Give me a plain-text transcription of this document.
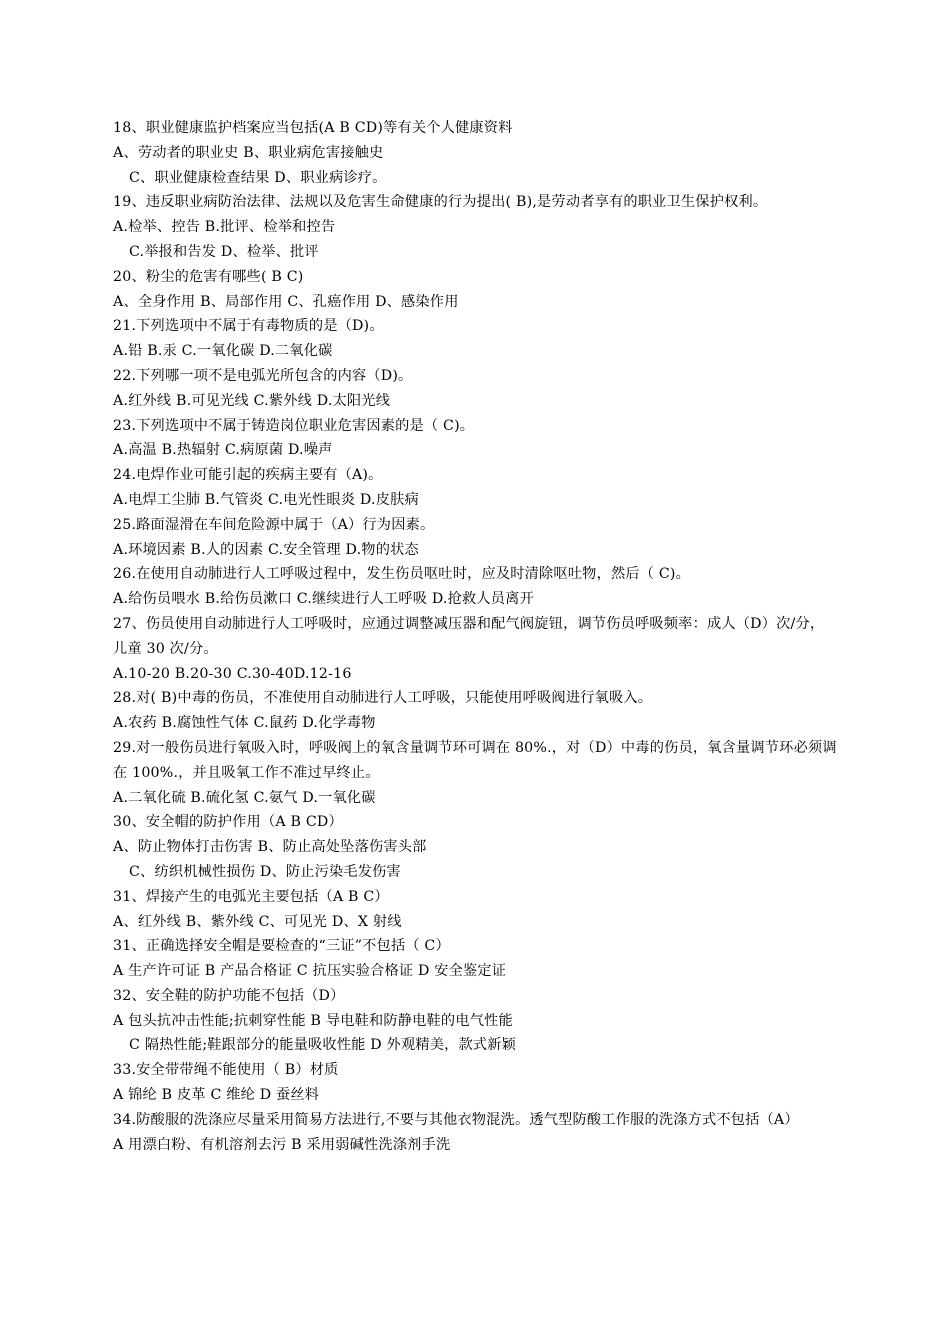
18、职业健康监护档案应当包括(A B CD)等有关个人健康资料
A、劳动者的职业史 B、职业病危害接触史
C、职业健康检查结果 D、职业病诊疗。
19、违反职业病防治法律、法规以及危害生命健康的行为提出( B),是劳动者享有的职业卫生保护权利。
A.检举、控告 B.批评、检举和控告
C.举报和告发 D、检举、批评
20、粉尘的危害有哪些( B C)
A、全身作用 B、局部作用 C、孔癌作用 D、感染作用
21.下列选项中不属于有毒物质的是（D)。
A.铅 B.汞 C.一氧化碳 D.二氧化碳
22.下列哪一项不是电弧光所包含的内容（D)。
A.红外线 B.可见光线 C.紫外线 D.太阳光线
23.下列选项中不属于铸造岗位职业危害因素的是（ C)。
A.高温 B.热辐射 C.病原菌 D.噪声
24.电焊作业可能引起的疾病主要有（A)。
A.电焊工尘肺 B.气管炎 C.电光性眼炎 D.皮肤病
25.路面湿滑在车间危险源中属于（A）行为因素。
A.环境因素 B.人的因素 C.安全管理 D.物的状态
26.在使用自动肺进行人工呼吸过程中，发生伤员呕吐时，应及时清除呕吐物，然后（ C)。
A.给伤员喂水 B.给伤员漱口 C.继续进行人工呼吸 D.抢救人员离开
27、伤员使用自动肺进行人工呼吸时，应通过调整减压器和配气阀旋钮，调节伤员呼吸频率：成人（D）次/分，儿童 30 次/分。
A.10-20 B.20-30 C.30-40D.12-16
28.对( B)中毒的伤员，不准使用自动肺进行人工呼吸，只能使用呼吸阀进行氧吸入。
A.农药 B.腐蚀性气体 C.鼠药 D.化学毒物
29.对一般伤员进行氧吸入时，呼吸阀上的氧含量调节环可调在 80%.，对（D）中毒的伤员，氧含量调节环必须调在 100%.，并且吸氧工作不准过早终止。
A.二氧化硫 B.硫化氢 C.氨气 D.一氧化碳
30、安全帽的防护作用（A B CD）
A、防止物体打击伤害 B、防止高处坠落伤害头部
C、纺织机械性损伤 D、防止污染毛发伤害
31、焊接产生的电弧光主要包括（A B C）
A、红外线 B、紫外线 C、可见光 D、X 射线
31、正确选择安全帽是要检查的“三证”不包括（ C）
A 生产许可证 B 产品合格证 C 抗压实验合格证 D 安全鉴定证
32、安全鞋的防护功能不包括（D）
A 包头抗冲击性能;抗刺穿性能 B 导电鞋和防静电鞋的电气性能
C 隔热性能;鞋跟部分的能量吸收性能 D 外观精美，款式新颖
33.安全带带绳不能使用（ B）材质
A 锦纶 B 皮革 C 维纶 D 蚕丝料
34.防酸服的洗涤应尽量采用简易方法进行,不要与其他衣物混洗。透气型防酸工作服的洗涤方式不包括（A）
A 用漂白粉、有机溶剂去污 B 采用弱碱性洗涤剂手洗
